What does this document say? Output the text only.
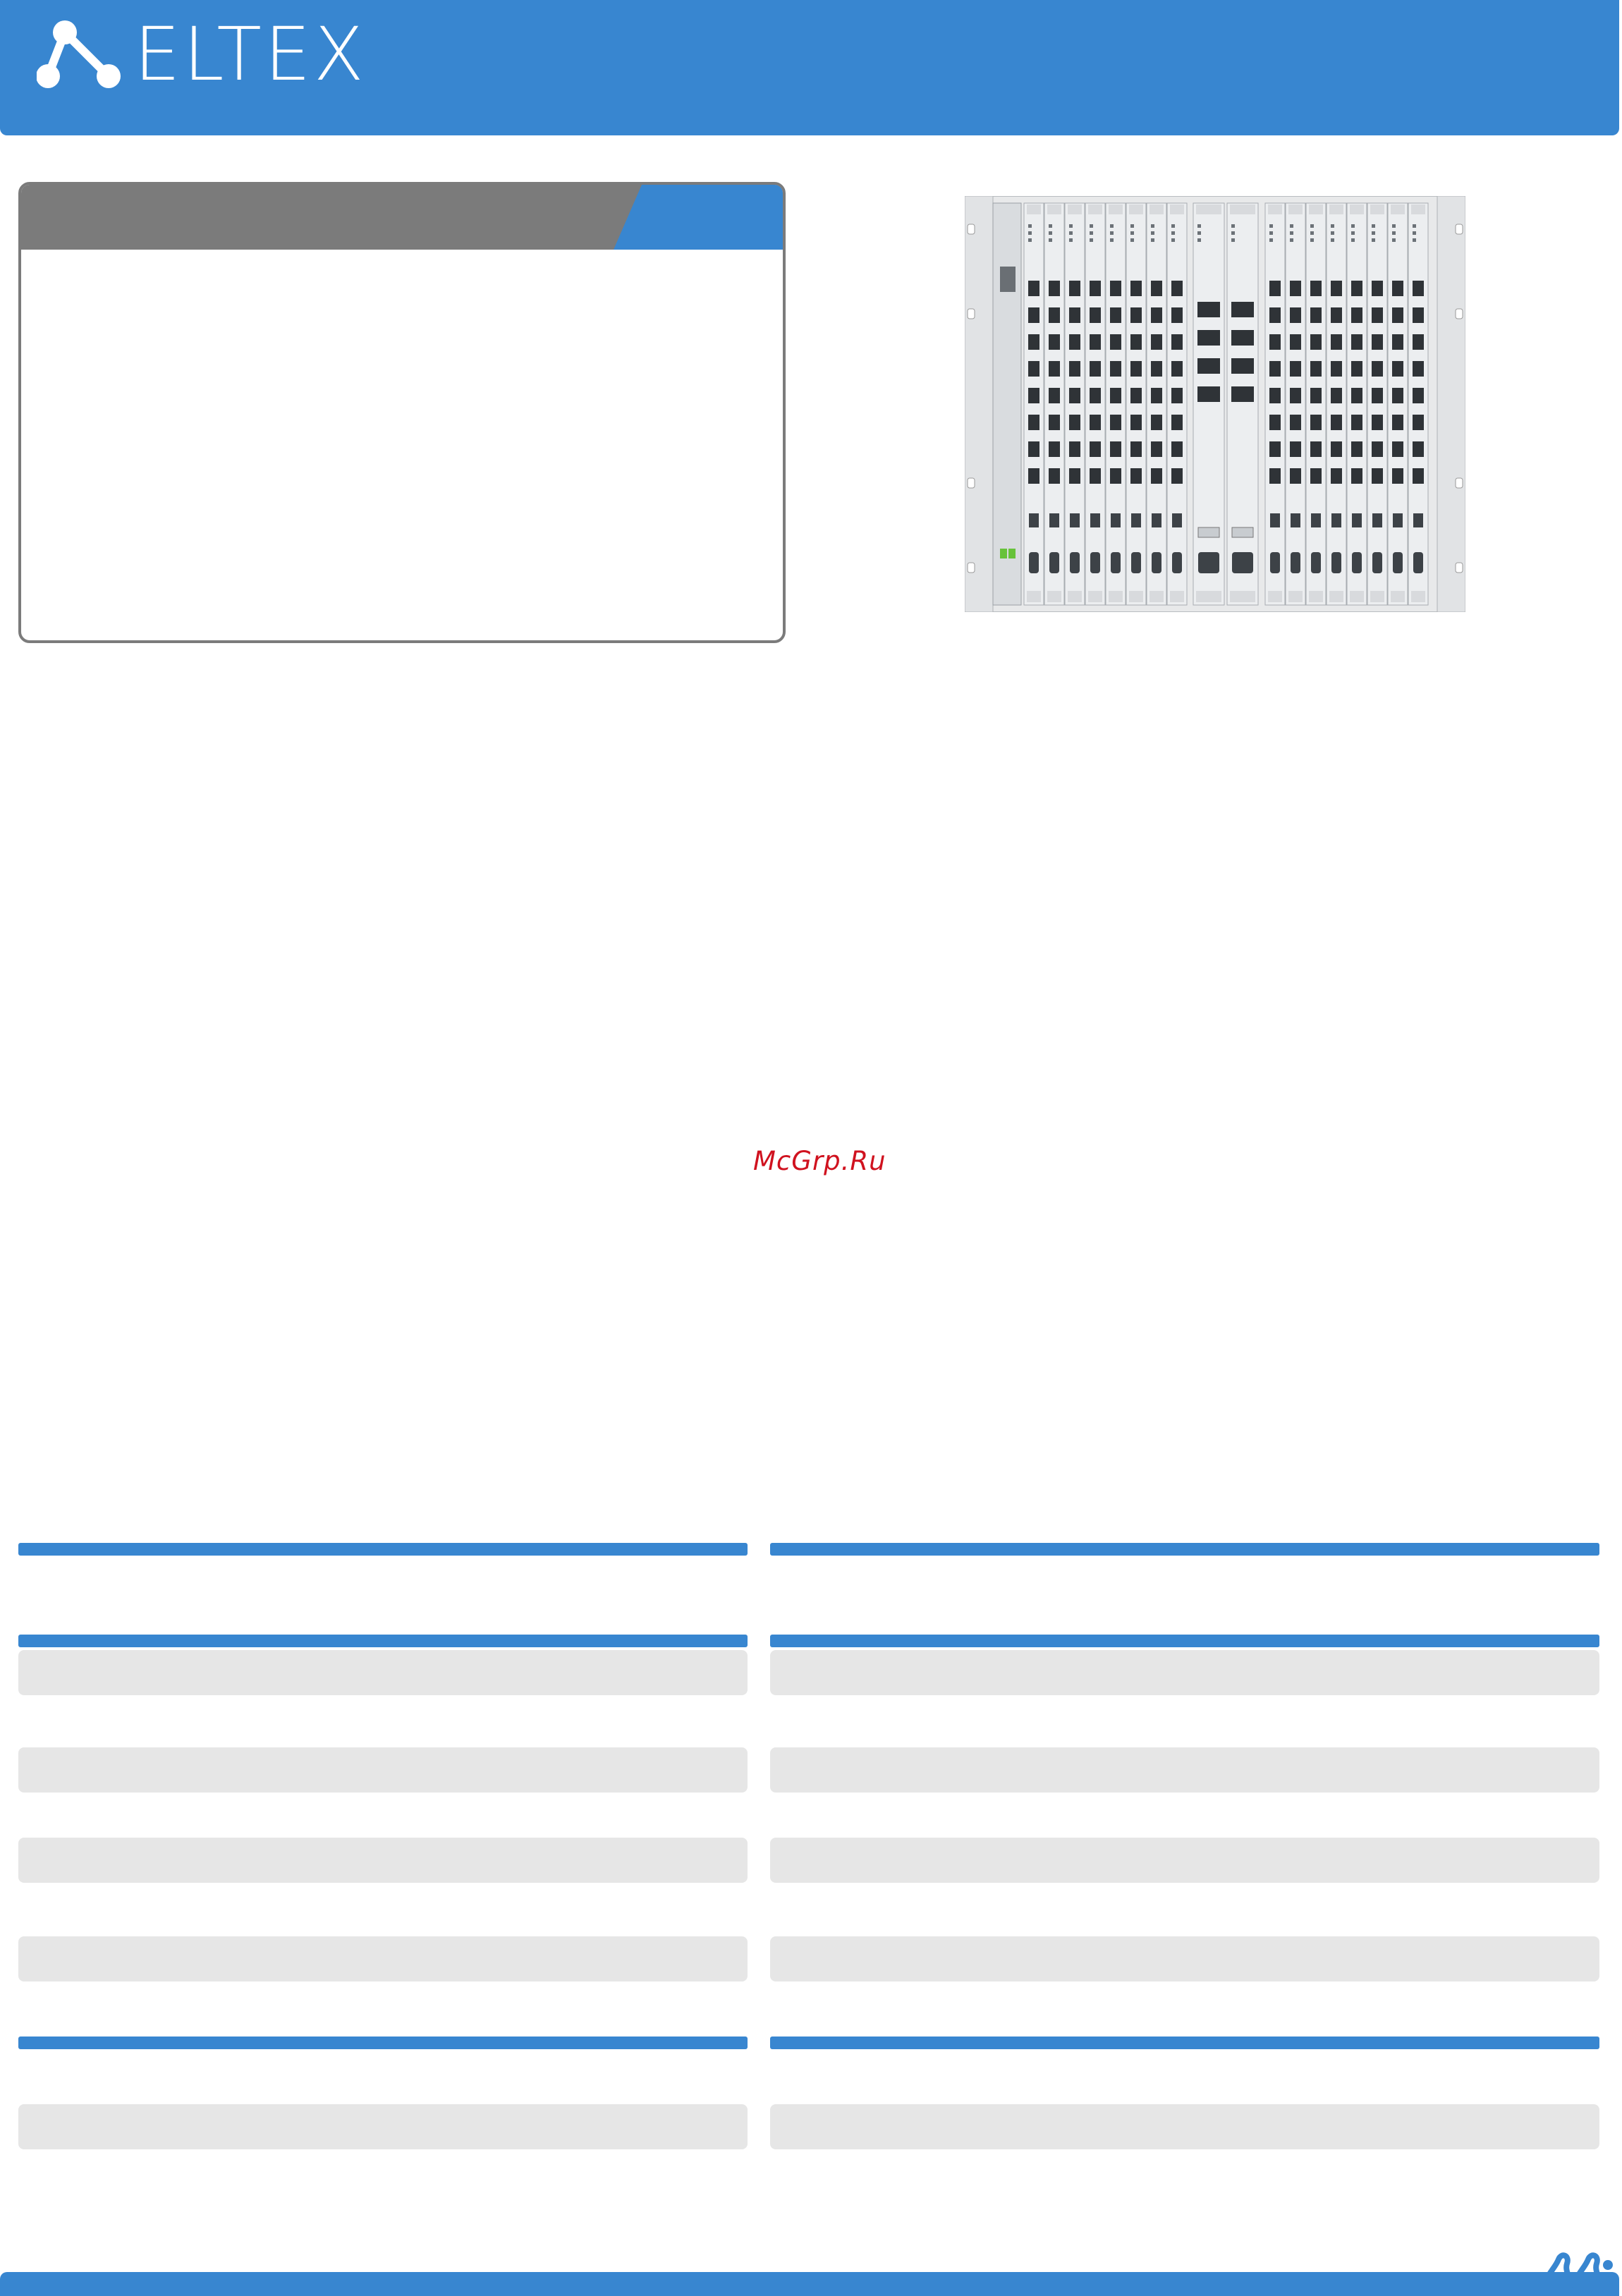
ELTEX
McGrp.Ru
